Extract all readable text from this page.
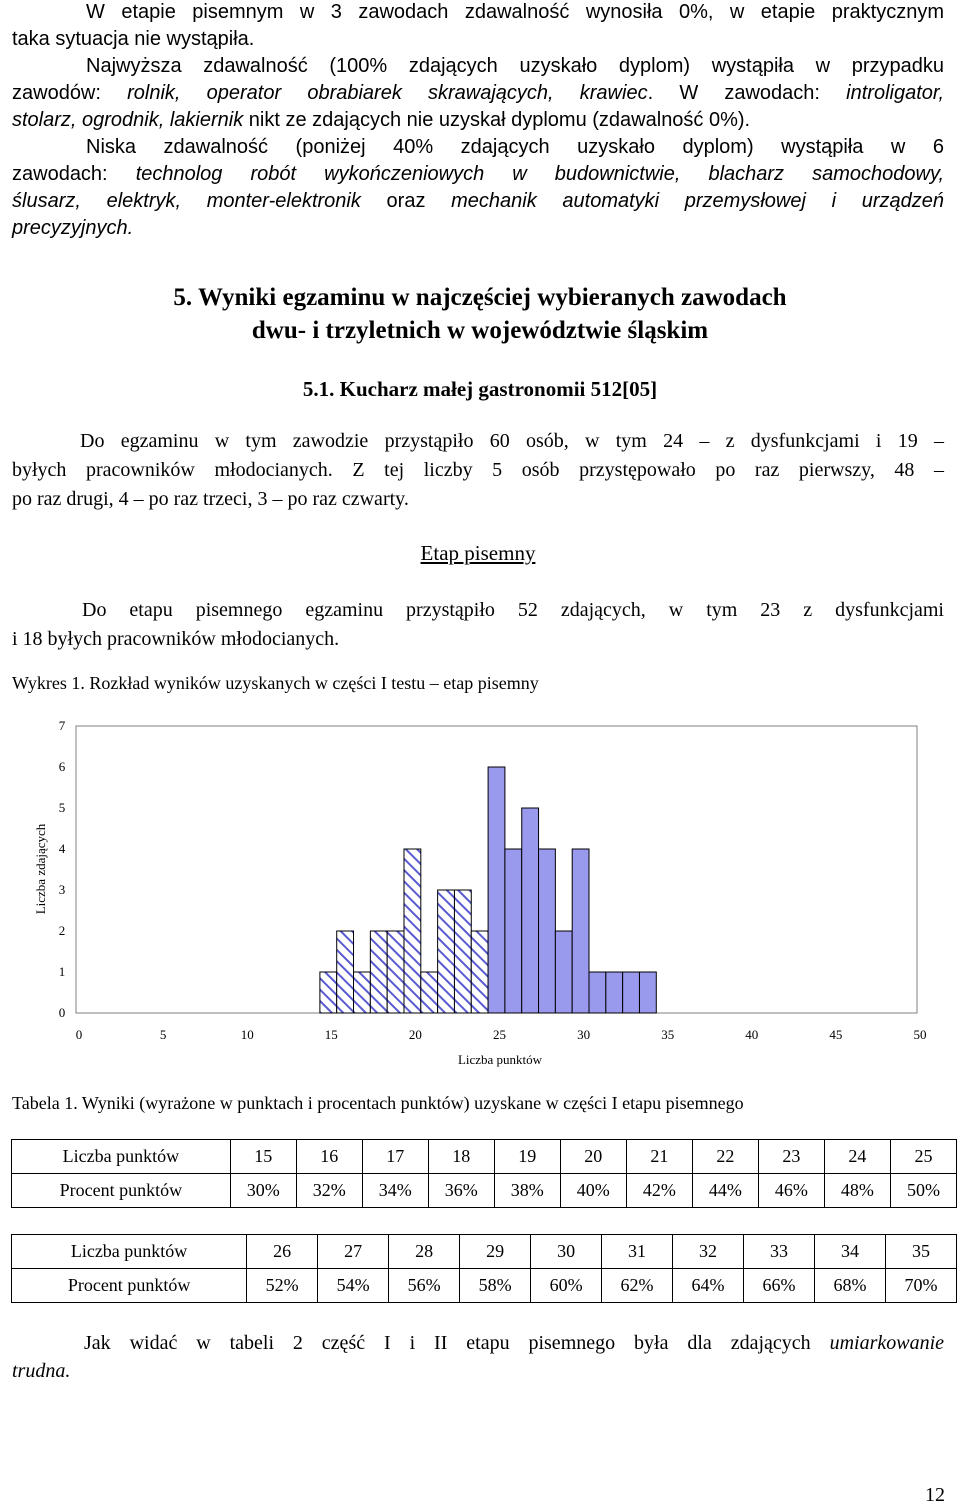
W etapie pisemnym w 3 zawodach zdawalność wynosiła 0%, w etapie praktycznym
taka sytuacja nie wystąpiła.
Najwyższa zdawalność (100% zdających uzyskało dyplom) wystąpiła w przypadku
zawodów: rolnik, operator obrabiarek skrawających, krawiec. W zawodach: introligator,
stolarz, ogrodnik, lakiernik nikt ze zdających nie uzyskał dyplomu (zdawalność 0%).
Niska zdawalność (poniżej 40% zdających uzyskało dyplom) wystąpiła w 6
zawodach: technolog robót wykończeniowych w budownictwie, blacharz samochodowy,
ślusarz, elektryk, monter-elektronik oraz mechanik automatyki przemysłowej i urządzeń
precyzyjnych.
5. Wyniki egzaminu w najczęściej wybieranych zawodach
dwu- i trzyletnich w województwie śląskim
5.1. Kucharz małej gastronomii 512[05]
Do egzaminu w tym zawodzie przystąpiło 60 osób, w tym 24 – z dysfunkcjami i 19 –
byłych pracowników młodocianych. Z tej liczby 5 osób przystępowało po raz pierwszy, 48 –
po raz drugi, 4 – po raz trzeci, 3 – po raz czwarty.
Etap pisemny
Do etapu pisemnego egzaminu przystąpiło 52 zdających, w tym 23 z dysfunkcjami
i 18 byłych pracowników młodocianych.
Wykres 1. Rozkład wyników uzyskanych w części I testu – etap pisemny
0
1
2
3
4
5
6
7
0	5	10	15	20	25	30	35	40	45	50
Liczba punktów
Liczba zdających
Tabela 1. Wyniki (wyrażone w punktach i procentach punktów) uzyskane w części I etapu pisemnego
Liczba punktów	15	16	17	18	19	20	21	22	23	24	25
Procent punktów	30%	32%	34%	36%	38%	40%	42%	44%	46%	48%	50%
Liczba punktów	26	27	28	29	30	31	32	33	34	35
Procent punktów	52%	54%	56%	58%	60%	62%	64%	66%	68%	70%
Jak widać w tabeli 2 część I i II etapu pisemnego była dla zdających umiarkowanie
trudna.
12
